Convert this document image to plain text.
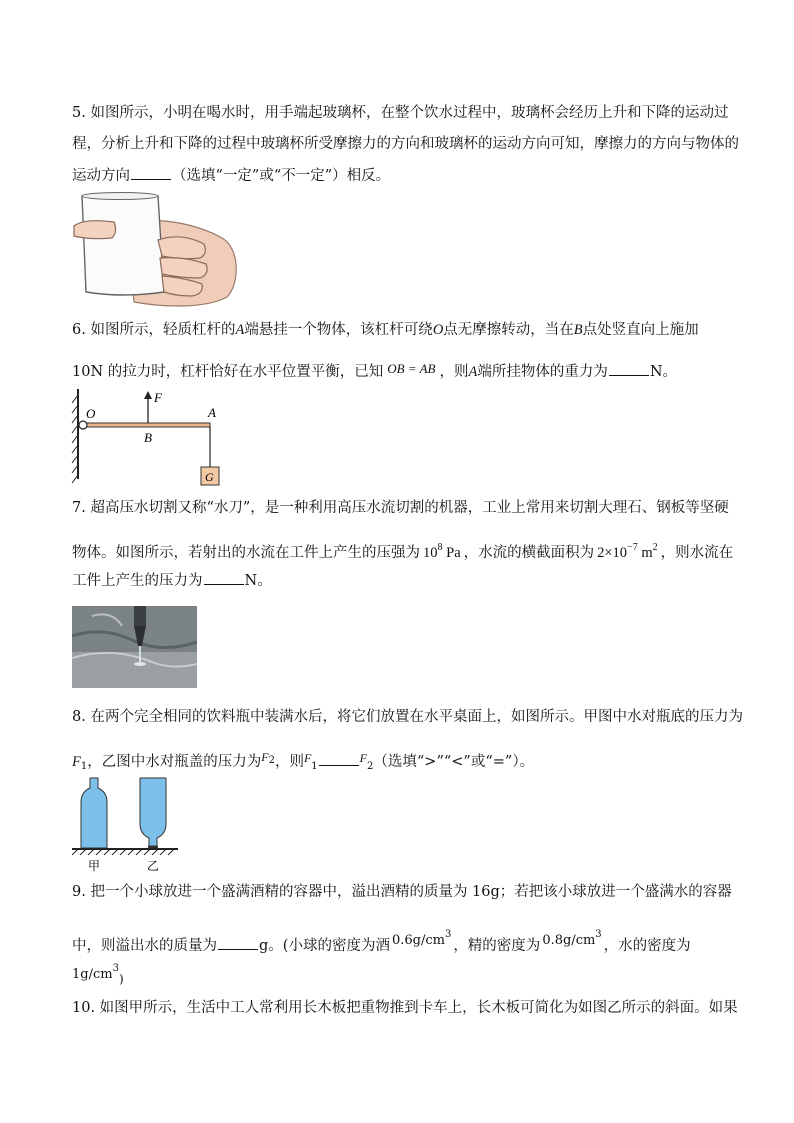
5. 如图所示，小明在喝水时，用手端起玻璃杯，在整个饮水过程中，玻璃杯会经历上升和下降的运动过
程，分析上升和下降的过程中玻璃杯所受摩擦力的方向和玻璃杯的运动方向可知，摩擦力的方向与物体的
运动方向	（选填“一定”或“不一定”）相反。
6. 如图所示，轻质杠杆的A端悬挂一个物体，该杠杆可绕O点无摩擦转动，当在B点处竖直向上施加
10N 的拉力时，杠杆恰好在水平位置平衡，已知 OB = AB ，则A端所挂物体的重力为	N。
O
F
A
B
G
7. 超高压水切割又称“水刀”，是一种利用高压水流切割的机器，工业上常用来切割大理石、钢板等坚硬
物体。如图所示，若射出的水流在工件上产生的压强为 $10^8$ Pa ，水流的横截面积为 $2\times 10^{-7}$ $m^2$ ，则水流在
工件上产生的压力为	N。
8. 在两个完全相同的饮料瓶中装满水后，将它们放置在水平桌面上，如图所示。甲图中水对瓶底的压力为
$F_1$，乙图中水对瓶盖的压力为$^{F2}$，则$^F_1^F_2$（选填“>”“<”或“=”）。
甲	乙
9. 把一个小球放进一个盛满酒精的容器中，溢出酒精的质量为 16g；若把该小球放进一个盛满水的容器
中，则溢出水的质量为	g。(小球的密度为酒 $0.6g/cm^3$，精的密度为 $0.8g/cm^3$，水的密度为
$1g/cm^3$)
10. 如图甲所示，生活中工人常利用长木板把重物推到卡车上，长木板可简化为如图乙所示的斜面。如果
